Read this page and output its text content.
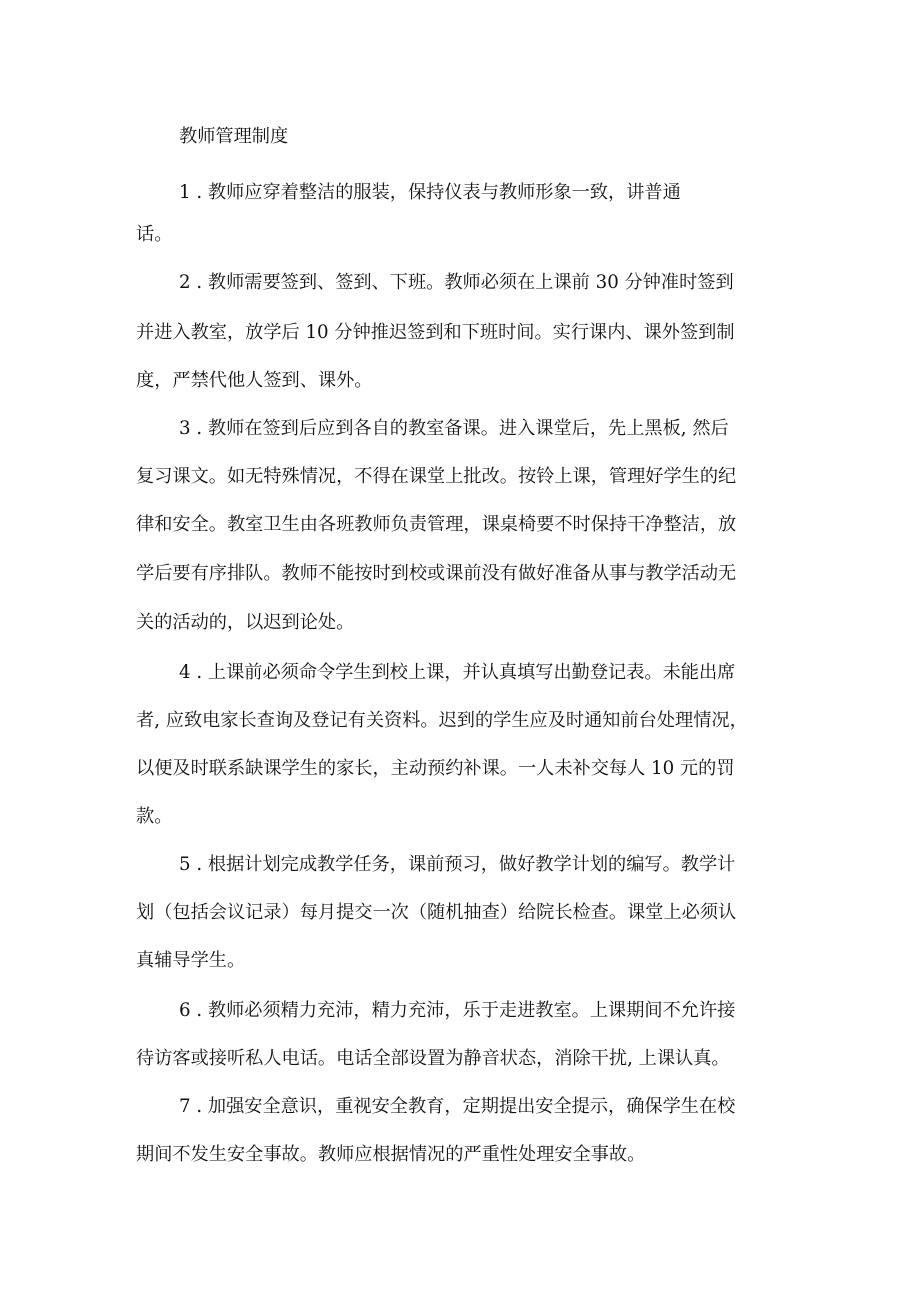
教师管理制度
1 . 教师应穿着整洁的服装，保持仪表与教师形象一致，讲普通
话。
2 . 教师需要签到、签到、下班。教师必须在上课前 30 分钟准时签到
并进入教室，放学后 10 分钟推迟签到和下班时间。实行课内、课外签到制
度，严禁代他人签到、课外。
3 . 教师在签到后应到各自的教室备课。进入课堂后，先上黑板, 然后
复习课文。如无特殊情况，不得在课堂上批改。按铃上课，管理好学生的纪
律和安全。教室卫生由各班教师负责管理，课桌椅要不时保持干净整洁，放
学后要有序排队。教师不能按时到校或课前没有做好准备从事与教学活动无
关的活动的，以迟到论处。
4 . 上课前必须命令学生到校上课，并认真填写出勤登记表。未能出席
者, 应致电家长查询及登记有关资料。迟到的学生应及时通知前台处理情况，
以便及时联系缺课学生的家长，主动预约补课。一人未补交每人 10 元的罚
款。
5 . 根据计划完成教学任务，课前预习，做好教学计划的编写。教学计
划（包括会议记录）每月提交一次（随机抽查）给院长检查。课堂上必须认
真辅导学生。
6 . 教师必须精力充沛，精力充沛，乐于走进教室。上课期间不允许接
待访客或接听私人电话。电话全部设置为静音状态，消除干扰, 上课认真。
7 . 加强安全意识，重视安全教育，定期提出安全提示，确保学生在校
期间不发生安全事故。教师应根据情况的严重性处理安全事故。
